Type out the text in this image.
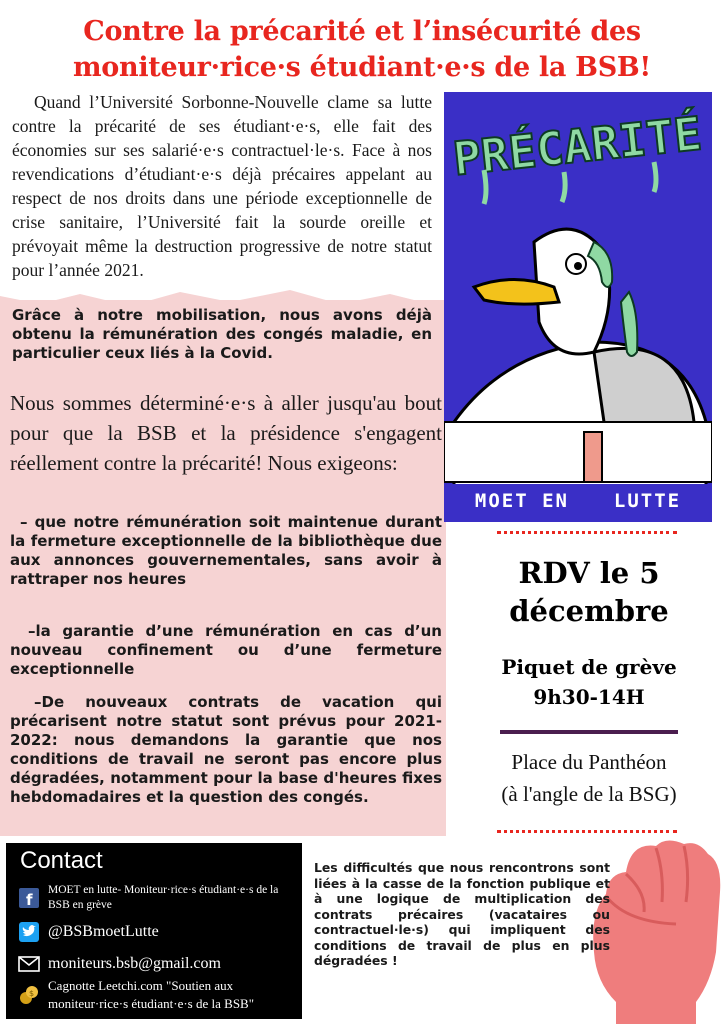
Contre la précarité et l’insécurité des
moniteur·rice·s étudiant·e·s de la BSB!

Quand l’Université Sorbonne-Nouvelle clame sa lutte contre la précarité de ses étudiant·e·s, elle fait des économies sur ses salarié·e·s contractuel·le·s. Face à nos revendications d’étudiant·e·s déjà précaires appelant au respect de nos droits dans une période exceptionnelle de crise sanitaire, l’Université fait la sourde oreille et prévoyait même la destruction progressive de notre statut pour l’année 2021.

Grâce à notre mobilisation, nous avons déjà obtenu la rémunération des congés maladie, en particulier ceux liés à la Covid.

Nous sommes déterminé·e·s à aller jusqu'au bout pour que la BSB et la présidence s'engagent réellement contre la précarité! Nous exigeons:

– que notre rémunération soit maintenue durant la fermeture exceptionnelle de la bibliothèque due aux annonces gouvernementales, sans avoir à rattraper nos heures

–la garantie d’une rémunération en cas d’un nouveau confinement ou d’une fermeture exceptionnelle

–De nouveaux contrats de vacation qui précarisent notre statut sont prévus pour 2021-2022: nous demandons la garantie que nos conditions de travail ne seront pas encore plus dégradées, notamment pour la base d'heures fixes hebdomadaires et la question des congés.

PRÉCARITÉ
MOET EN LUTTE
RDV le 5
décembre
Piquet de grève
9h30-14H
Place du Panthéon
(à l'angle de la BSG)
Contact
f
MOET en lutte- Moniteur·rice·s étudiant·e·s de la BSB en grève
@BSBmoetLutte
moniteurs.bsb@gmail.com
$
Cagnotte Leetchi.com "Soutien aux moniteur·rice·s étudiant·e·s de la BSB"

Les difficultés que nous rencontrons sont liées à la casse de la fonction publique et à une logique de multiplication des contrats précaires (vacataires ou contractuel·le·s) qui impliquent des conditions de travail de plus en plus dégradées !
